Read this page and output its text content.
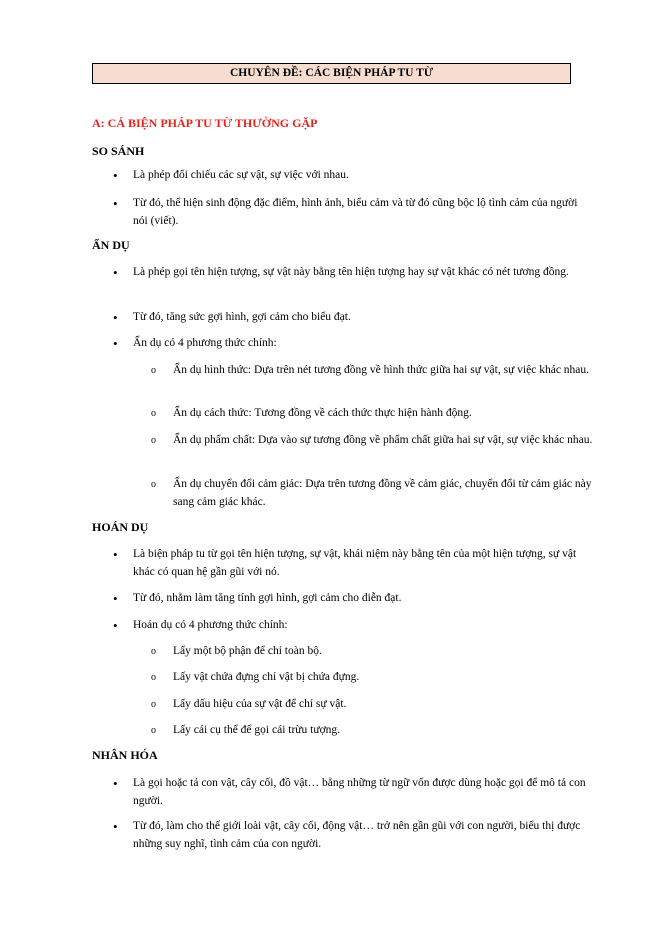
CHUYÊN ĐỀ: CÁC BIỆN PHÁP TU TỪ
A: CÁ BIỆN PHÁP TU TỪ THƯỜNG GẶP
SO SÁNH
• Là phép đối chiếu các sự vật, sự việc với nhau.
• Từ đó, thể hiện sinh động đặc điểm, hình ảnh, biểu cảm và từ đó cũng bộc lộ tình cảm của người nói (viết).
ẨN DỤ
• Là phép gọi tên hiện tượng, sự vật này bằng tên hiện tượng hay sự vật khác có nét tương đồng.
• Từ đó, tăng sức gợi hình, gợi cảm cho biểu đạt.
• Ẩn dụ có 4 phương thức chính:
o Ẩn dụ hình thức: Dựa trên nét tương đồng về hình thức giữa hai sự vật, sự việc khác nhau.
o Ẩn dụ cách thức: Tương đồng về cách thức thực hiện hành động.
o Ẩn dụ phẩm chất: Dựa vào sự tương đồng về phẩm chất giữa hai sự vật, sự việc khác nhau.
o Ẩn dụ chuyển đổi cảm giác: Dựa trên tương đồng về cảm giác, chuyển đổi từ cảm giác này sang cảm giác khác.
HOÁN DỤ
• Là biện pháp tu từ gọi tên hiện tượng, sự vật, khái niệm này bằng tên của một hiện tượng, sự vật khác có quan hệ gần gũi với nó.
• Từ đó, nhằm làm tăng tính gợi hình, gợi cảm cho diễn đạt.
• Hoán dụ có 4 phương thức chính:
o Lấy một bộ phận để chỉ toàn bộ.
o Lấy vật chứa đựng chỉ vật bị chứa đựng.
o Lấy dấu hiệu của sự vật để chỉ sự vật.
o Lấy cái cụ thể để gọi cái trừu tượng.
NHÂN HÓA
• Là gọi hoặc tả con vật, cây cối, đồ vật… bằng những từ ngữ vốn được dùng hoặc gọi để mô tả con người.
• Từ đó, làm cho thế giới loài vật, cây cối, động vật… trở nên gần gũi với con người, biểu thị được những suy nghĩ, tình cảm của con người.
